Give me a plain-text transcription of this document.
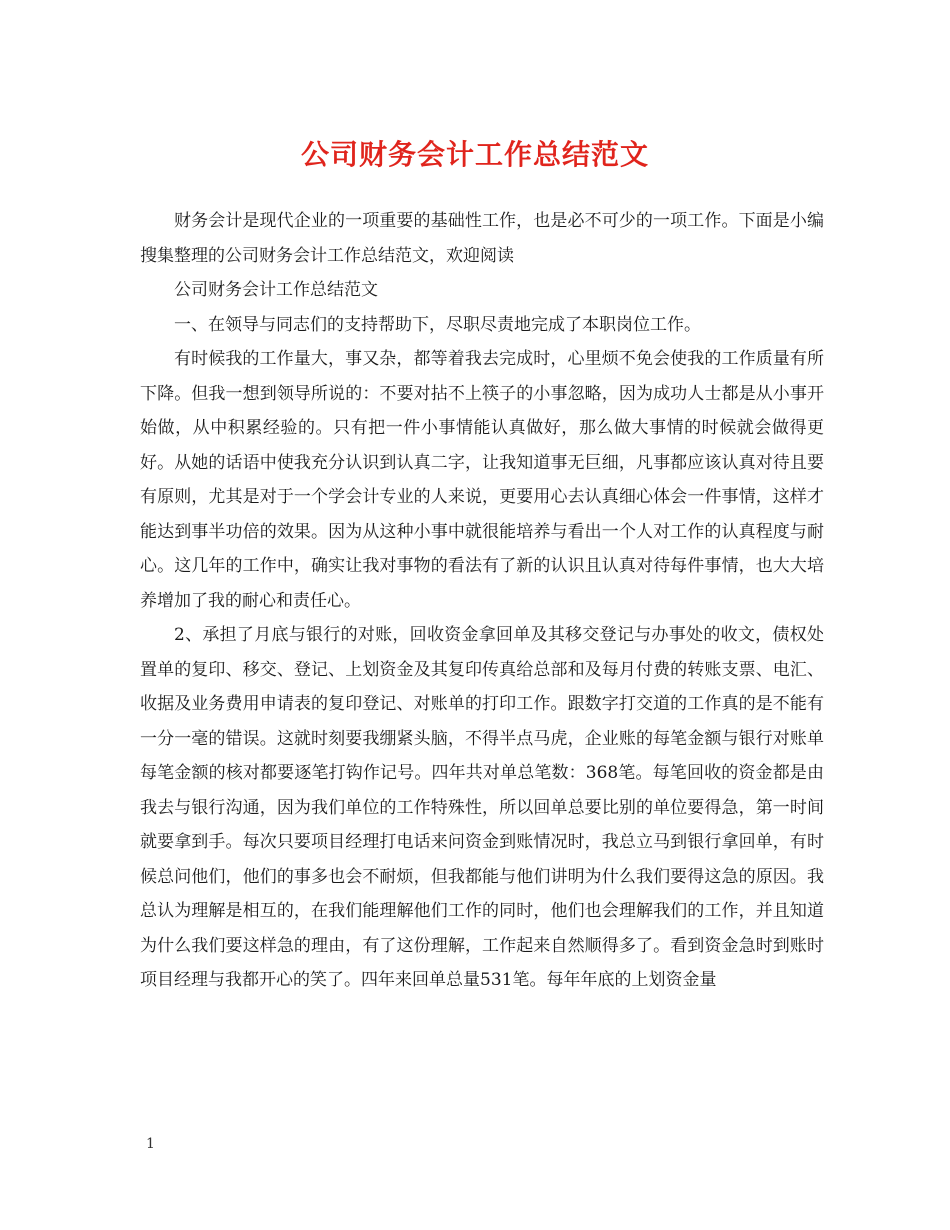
公司财务会计工作总结范文

财务会计是现代企业的一项重要的基础性工作，也是必不可少的一项工作。下面是小编搜集整理的公司财务会计工作总结范文，欢迎阅读

公司财务会计工作总结范文

一、在领导与同志们的支持帮助下，尽职尽责地完成了本职岗位工作。

有时候我的工作量大，事又杂，都等着我去完成时，心里烦不免会使我的工作质量有所下降。但我一想到领导所说的：不要对拈不上筷子的小事忽略，因为成功人士都是从小事开始做，从中积累经验的。只有把一件小事情能认真做好，那么做大事情的时候就会做得更好。从她的话语中使我充分认识到认真二字，让我知道事无巨细，凡事都应该认真对待且要有原则，尤其是对于一个学会计专业的人来说，更要用心去认真细心体会一件事情，这样才能达到事半功倍的效果。因为从这种小事中就很能培养与看出一个人对工作的认真程度与耐心。这几年的工作中，确实让我对事物的看法有了新的认识且认真对待每件事情，也大大培养增加了我的耐心和责任心。

2、承担了月底与银行的对账，回收资金拿回单及其移交登记与办事处的收文，债权处置单的复印、移交、登记、上划资金及其复印传真给总部和及每月付费的转账支票、电汇、收据及业务费用申请表的复印登记、对账单的打印工作。跟数字打交道的工作真的是不能有一分一毫的错误。这就时刻要我绷紧头脑，不得半点马虎，企业账的每笔金额与银行对账单每笔金额的核对都要逐笔打钩作记号。四年共对单总笔数：368笔。每笔回收的资金都是由我去与银行沟通，因为我们单位的工作特殊性，所以回单总要比别的单位要得急，第一时间就要拿到手。每次只要项目经理打电话来问资金到账情况时，我总立马到银行拿回单，有时候总问他们，他们的事多也会不耐烦，但我都能与他们讲明为什么我们要得这急的原因。我总认为理解是相互的，在我们能理解他们工作的同时，他们也会理解我们的工作，并且知道为什么我们要这样急的理由，有了这份理解，工作起来自然顺得多了。看到资金急时到账时项目经理与我都开心的笑了。四年来回单总量531笔。每年年底的上划资金量

1
